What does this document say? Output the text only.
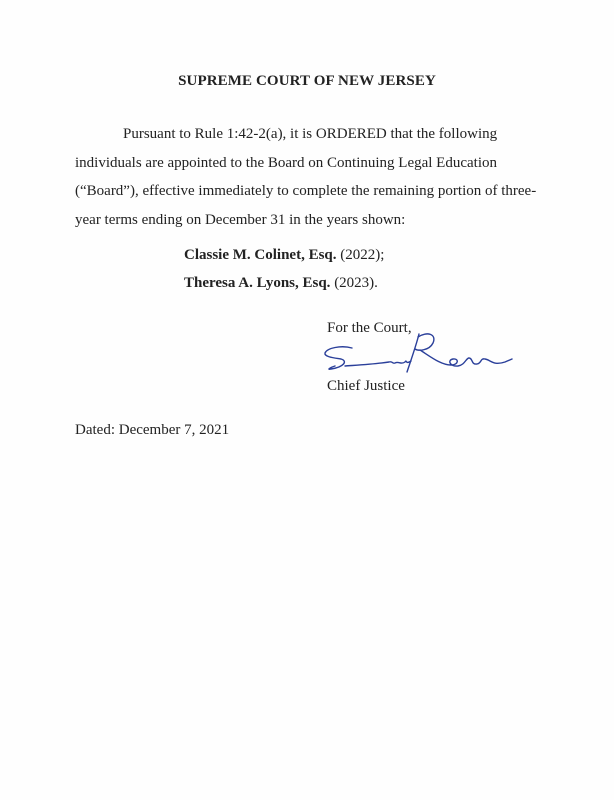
SUPREME COURT OF NEW JERSEY
Pursuant to Rule 1:42-2(a), it is ORDERED that the following
individuals are appointed to the Board on Continuing Legal Education
(“Board”), effective immediately to complete the remaining portion of three-
year terms ending on December 31 in the years shown:
Classie M. Colinet, Esq. (2022);
Theresa A. Lyons, Esq. (2023).
For the Court,
Chief Justice
Dated: December 7, 2021
